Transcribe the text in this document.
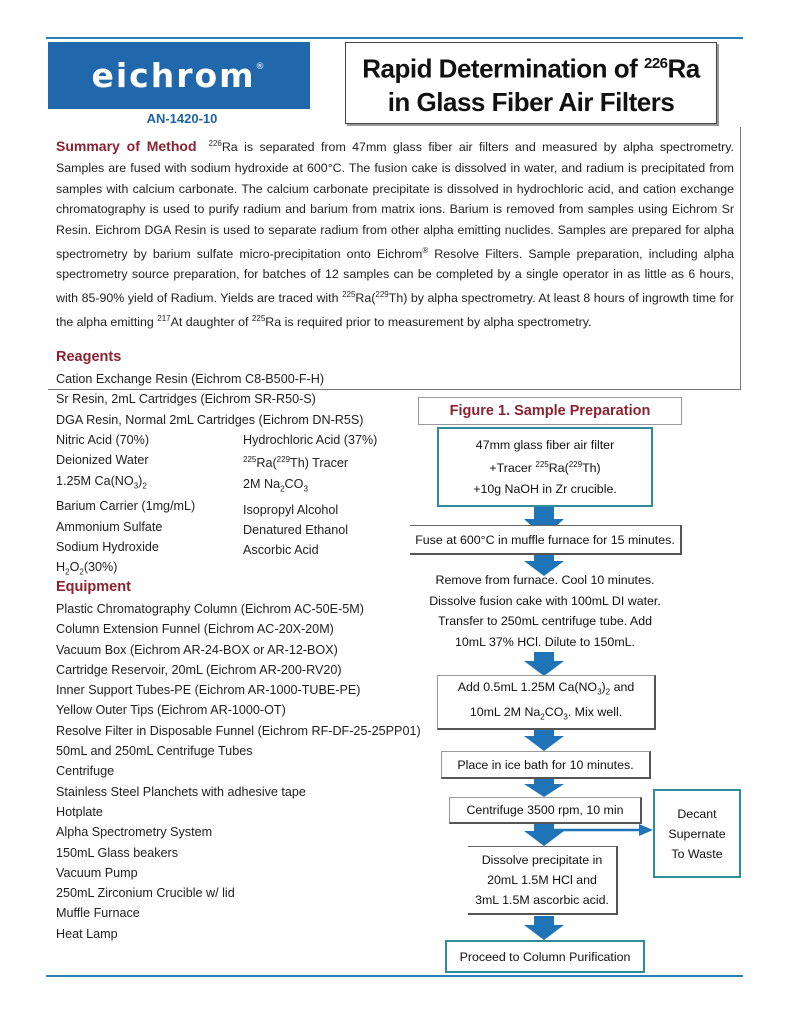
eichrom®
AN-1420-10
Rapid Determination of $^{226}$Ra
in Glass Fiber Air Filters
Summary of Method $^{226}$Ra is separated from 47mm glass fiber air filters and measured by alpha spectrometry. Samples are fused with sodium hydroxide at 600°C. The fusion cake is dissolved in water, and radium is precipitated from samples with calcium carbonate. The calcium carbonate precipitate is dissolved in hydrochloric acid, and cation exchange chromatography is used to purify radium and barium from matrix ions. Barium is removed from samples using Eichrom Sr Resin. Eichrom DGA Resin is used to separate radium from other alpha emitting nuclides. Samples are prepared for alpha spectrometry by barium sulfate micro-precipitation onto Eichrom® Resolve Filters. Sample preparation, including alpha spectrometry source preparation, for batches of 12 samples can be completed by a single operator in as little as 6 hours, with 85-90% yield of Radium. Yields are traced with $^{225}$Ra($^{229}$Th) by alpha spectrometry. At least 8 hours of ingrowth time for the alpha emitting $^{217}$At daughter of $^{225}$Ra is required prior to measurement by alpha spectrometry.
Reagents
Cation Exchange Resin (Eichrom C8-B500-F-H)
Sr Resin, 2mL Cartridges (Eichrom SR-R50-S)
DGA Resin, Normal 2mL Cartridges (Eichrom DN-R5S)
Nitric Acid (70%)
Deionized Water
1.25M $Ca(NO_3)_2$
Barium Carrier (1mg/mL)
Ammonium Sulfate
Sodium Hydroxide
$H_2O_2(30\%)$
Hydrochloric Acid (37%)
$^{225}$Ra($^{229}$Th) Tracer
2M $Na_2CO_3$
Isopropyl Alcohol
Denatured Ethanol
Ascorbic Acid
Equipment
Plastic Chromatography Column (Eichrom AC-50E-5M)
Column Extension Funnel (Eichrom AC-20X-20M)
Vacuum Box (Eichrom AR-24-BOX or AR-12-BOX)
Cartridge Reservoir, 20mL (Eichrom AR-200-RV20)
Inner Support Tubes-PE (Eichrom AR-1000-TUBE-PE)
Yellow Outer Tips (Eichrom AR-1000-OT)
Resolve Filter in Disposable Funnel (Eichrom RF-DF-25-25PP01)
50mL and 250mL Centrifuge Tubes
Centrifuge
Stainless Steel Planchets with adhesive tape
Hotplate
Alpha Spectrometry System
150mL Glass beakers
Vacuum Pump
250mL Zirconium Crucible w/ lid
Muffle Furnace
Heat Lamp
Figure 1. Sample Preparation
47mm glass fiber air filter
+Tracer $^{225}$Ra($^{229}$Th)
+10g NaOH in Zr crucible.
Fuse at 600°C in muffle furnace for 15 minutes.
Remove from furnace. Cool 10 minutes.
Dissolve fusion cake with 100mL DI water.
Transfer to 250mL centrifuge tube. Add
10mL 37% HCl. Dilute to 150mL.
Add 0.5mL 1.25M $Ca(NO_3)_2$ and
10mL 2M $Na_2CO_3$. Mix well.
Place in ice bath for 10 minutes.
Centrifuge 3500 rpm, 10 min	Decant
Supernate
To Waste
Dissolve precipitate in
20mL 1.5M HCl and
3mL 1.5M ascorbic acid.
Proceed to Column Purification
